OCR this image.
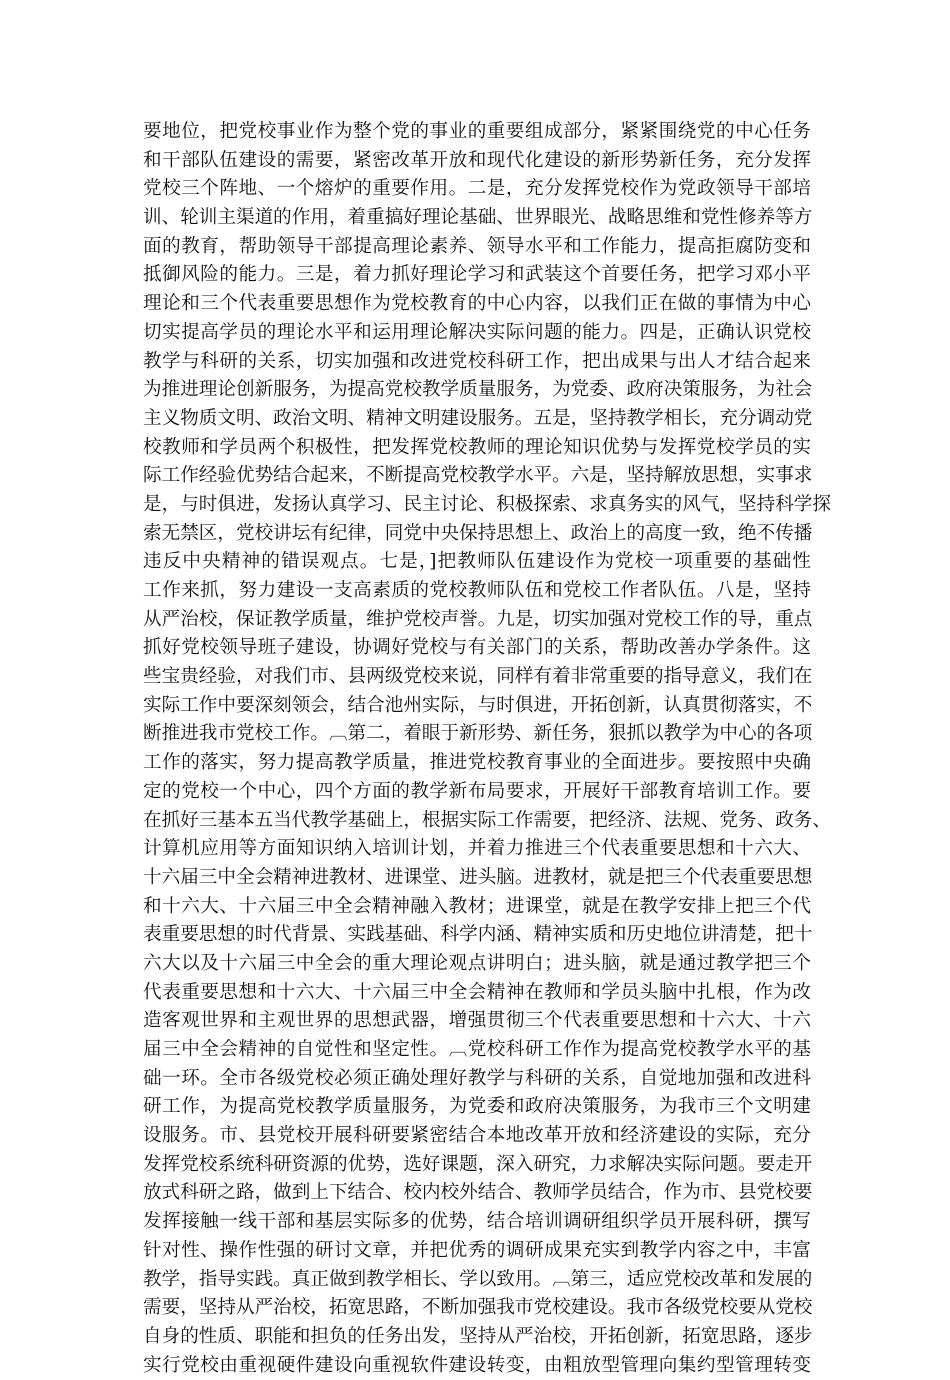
要地位，把党校事业作为整个党的事业的重要组成部分，紧紧围绕党的中心任务
和干部队伍建设的需要，紧密改革开放和现代化建设的新形势新任务，充分发挥
党校三个阵地、一个熔炉的重要作用。二是，充分发挥党校作为党政领导干部培
训、轮训主渠道的作用，着重搞好理论基础、世界眼光、战略思维和党性修养等方
面的教育，帮助领导干部提高理论素养、领导水平和工作能力，提高拒腐防变和
抵御风险的能力。三是，着力抓好理论学习和武装这个首要任务，把学习邓小平
理论和三个代表重要思想作为党校教育的中心内容，以我们正在做的事情为中心
切实提高学员的理论水平和运用理论解决实际问题的能力。四是，正确认识党校
教学与科研的关系，切实加强和改进党校科研工作，把出成果与出人才结合起来
为推进理论创新服务，为提高党校教学质量服务，为党委、政府决策服务，为社会
主义物质文明、政治文明、精神文明建设服务。五是，坚持教学相长，充分调动党
校教师和学员两个积极性，把发挥党校教师的理论知识优势与发挥党校学员的实
际工作经验优势结合起来，不断提高党校教学水平。六是，坚持解放思想，实事求
是，与时俱进，发扬认真学习、民主讨论、积极探索、求真务实的风气，坚持科学探
索无禁区，党校讲坛有纪律，同党中央保持思想上、政治上的高度一致，绝不传播
违反中央精神的错误观点。七是，]把教师队伍建设作为党校一项重要的基础性
工作来抓，努力建设一支高素质的党校教师队伍和党校工作者队伍。八是，坚持
从严治校，保证教学质量，维护党校声誉。九是，切实加强对党校工作的导，重点
抓好党校领导班子建设，协调好党校与有关部门的关系，帮助改善办学条件。这
些宝贵经验，对我们市、县两级党校来说，同样有着非常重要的指导意义，我们在
实际工作中要深刻领会，结合池州实际，与时俱进，开拓创新，认真贯彻落实，不
断推进我市党校工作。︹第二，着眼于新形势、新任务，狠抓以教学为中心的各项
工作的落实，努力提高教学质量，推进党校教育事业的全面进步。要按照中央确
定的党校一个中心，四个方面的教学新布局要求，开展好干部教育培训工作。要
在抓好三基本五当代教学基础上，根据实际工作需要，把经济、法规、党务、政务、
计算机应用等方面知识纳入培训计划，并着力推进三个代表重要思想和十六大、
十六届三中全会精神进教材、进课堂、进头脑。进教材，就是把三个代表重要思想
和十六大、十六届三中全会精神融入教材；进课堂，就是在教学安排上把三个代
表重要思想的时代背景、实践基础、科学内涵、精神实质和历史地位讲清楚，把十
六大以及十六届三中全会的重大理论观点讲明白；进头脑，就是通过教学把三个
代表重要思想和十六大、十六届三中全会精神在教师和学员头脑中扎根，作为改
造客观世界和主观世界的思想武器，增强贯彻三个代表重要思想和十六大、十六
届三中全会精神的自觉性和坚定性。︹党校科研工作作为提高党校教学水平的基
础一环。全市各级党校必须正确处理好教学与科研的关系，自觉地加强和改进科
研工作，为提高党校教学质量服务，为党委和政府决策服务，为我市三个文明建
设服务。市、县党校开展科研要紧密结合本地改革开放和经济建设的实际，充分
发挥党校系统科研资源的优势，选好课题，深入研究，力求解决实际问题。要走开
放式科研之路，做到上下结合、校内校外结合、教师学员结合，作为市、县党校要
发挥接触一线干部和基层实际多的优势，结合培训调研组织学员开展科研，撰写
针对性、操作性强的研讨文章，并把优秀的调研成果充实到教学内容之中，丰富
教学，指导实践。真正做到教学相长、学以致用。︹第三，适应党校改革和发展的
需要，坚持从严治校，拓宽思路，不断加强我市党校建设。我市各级党校要从党校
自身的性质、职能和担负的任务出发，坚持从严治校，开拓创新，拓宽思路，逐步
实行党校由重视硬件建设向重视软件建设转变，由粗放型管理向集约型管理转变
